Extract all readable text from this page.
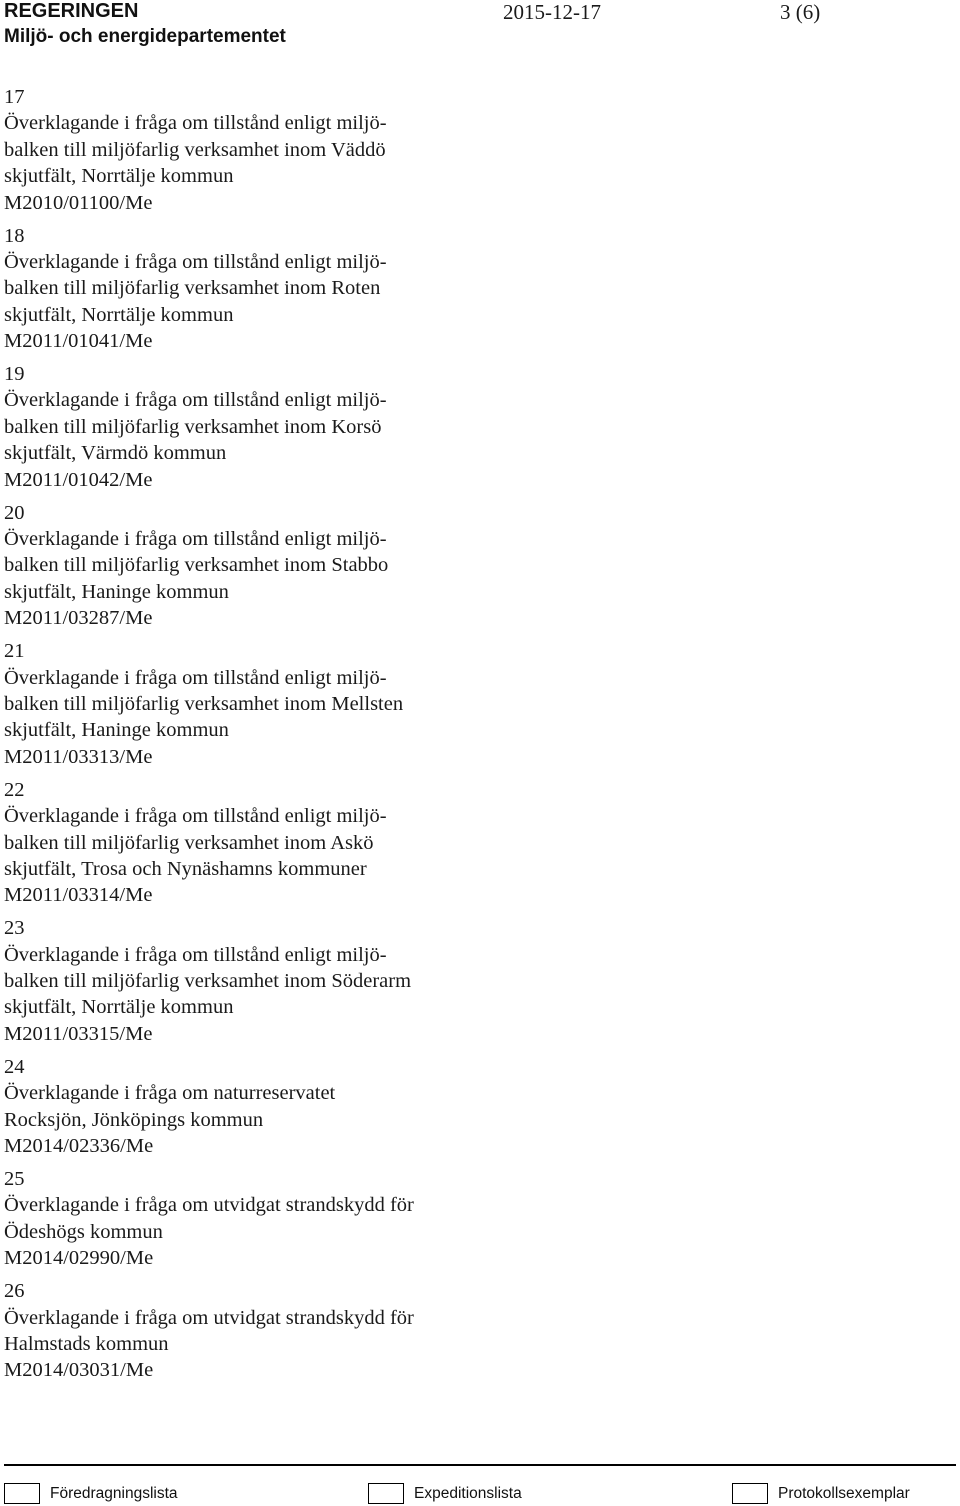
REGERINGEN
Miljö- och energidepartementet
2015-12-17	3 (6)
17
Överklagande i fråga om tillstånd enligt miljö-
balken till miljöfarlig verksamhet inom Väddö
skjutfält, Norrtälje kommun
M2010/01100/Me
18
Överklagande i fråga om tillstånd enligt miljö-
balken till miljöfarlig verksamhet inom Roten
skjutfält, Norrtälje kommun
M2011/01041/Me
19
Överklagande i fråga om tillstånd enligt miljö-
balken till miljöfarlig verksamhet inom Korsö
skjutfält, Värmdö kommun
M2011/01042/Me
20
Överklagande i fråga om tillstånd enligt miljö-
balken till miljöfarlig verksamhet inom Stabbo
skjutfält, Haninge kommun
M2011/03287/Me
21
Överklagande i fråga om tillstånd enligt miljö-
balken till miljöfarlig verksamhet inom Mellsten
skjutfält, Haninge kommun
M2011/03313/Me
22
Överklagande i fråga om tillstånd enligt miljö-
balken till miljöfarlig verksamhet inom Askö
skjutfält, Trosa och Nynäshamns kommuner
M2011/03314/Me
23
Överklagande i fråga om tillstånd enligt miljö-
balken till miljöfarlig verksamhet inom Söderarm
skjutfält, Norrtälje kommun
M2011/03315/Me
24
Överklagande i fråga om naturreservatet
Rocksjön, Jönköpings kommun
M2014/02336/Me
25
Överklagande i fråga om utvidgat strandskydd för
Ödeshögs kommun
M2014/02990/Me
26
Överklagande i fråga om utvidgat strandskydd för
Halmstads kommun
M2014/03031/Me
Föredragningslista	Expeditionslista	Protokollsexemplar
